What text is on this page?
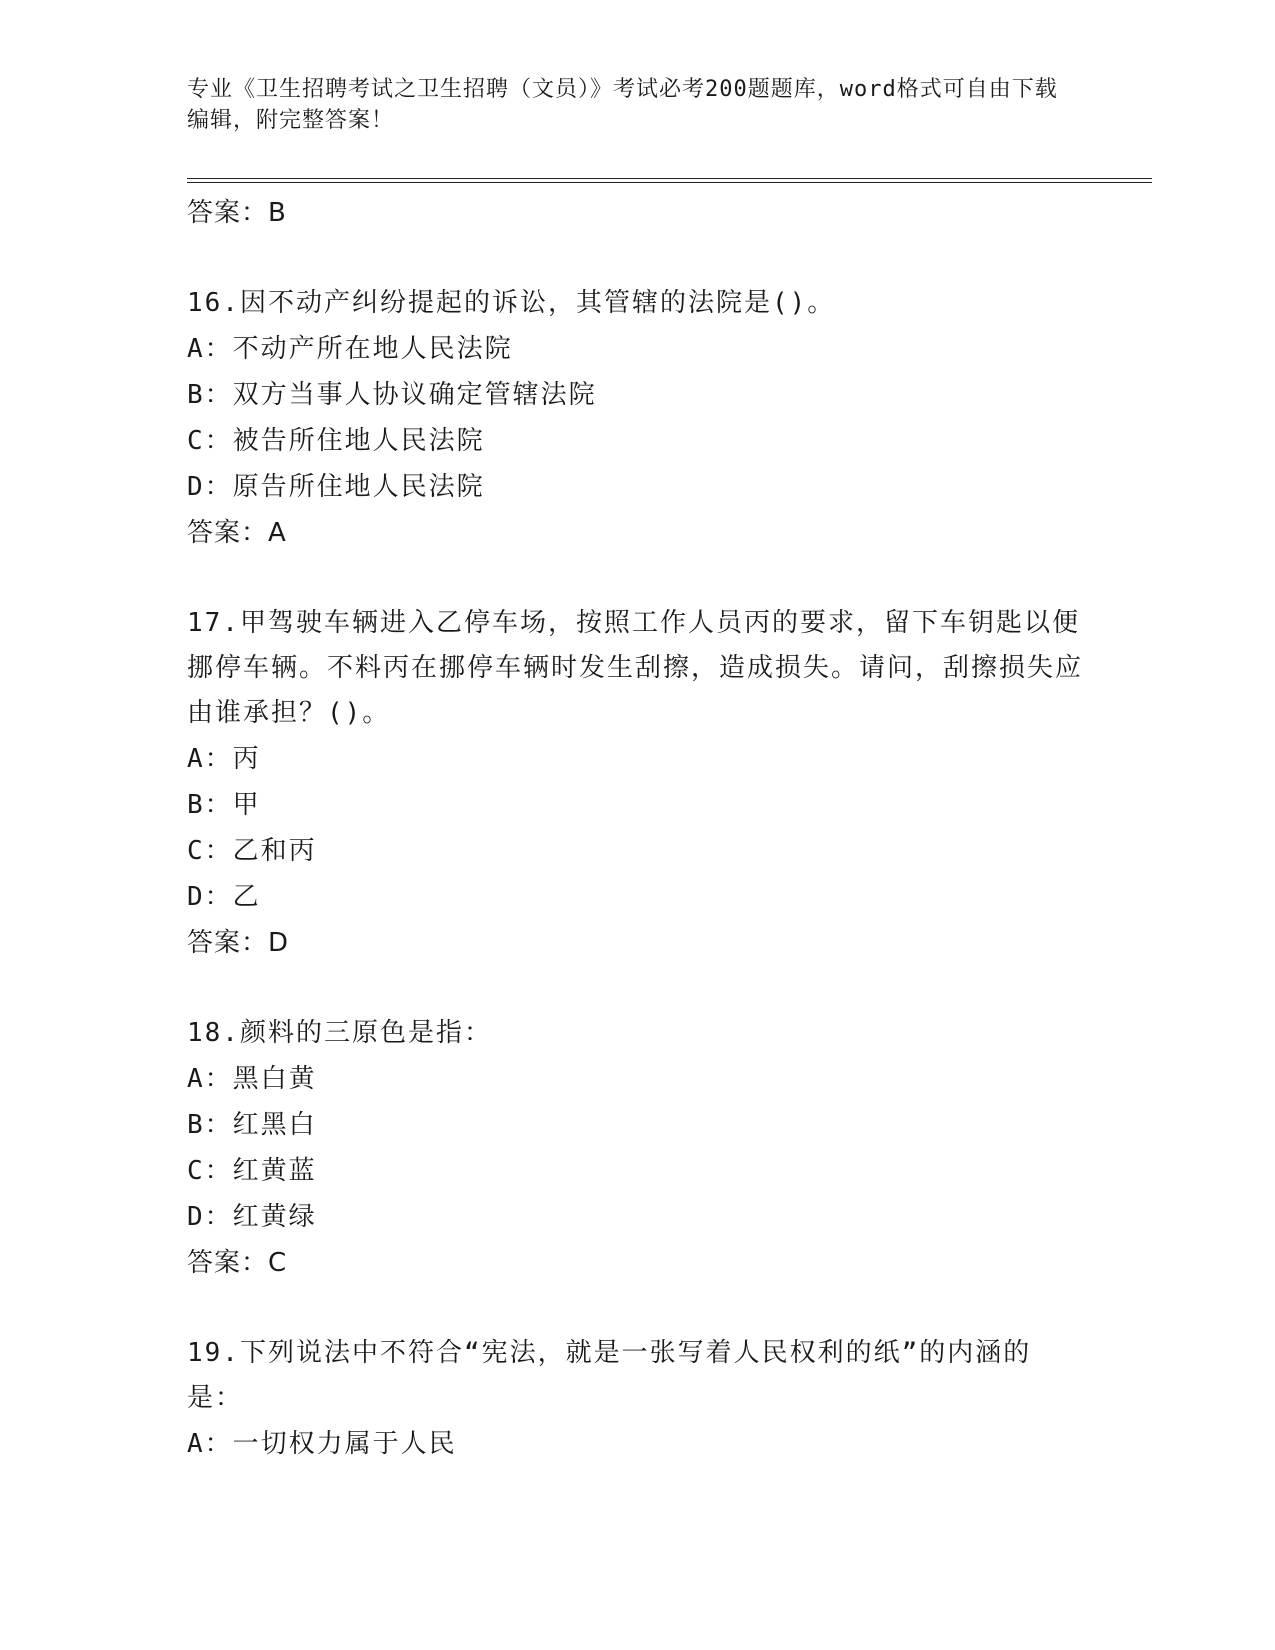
专业《卫生招聘考试之卫生招聘（文员）》考试必考200题题库，word格式可自由下载编辑，附完整答案！
答案：B
16.因不动产纠纷提起的诉讼，其管辖的法院是()。
A：不动产所在地人民法院
B：双方当事人协议确定管辖法院
C：被告所住地人民法院
D：原告所住地人民法院
答案：A
17.甲驾驶车辆进入乙停车场，按照工作人员丙的要求，留下车钥匙以便挪停车辆。不料丙在挪停车辆时发生刮擦，造成损失。请问，刮擦损失应由谁承担？()。
A：丙
B：甲
C：乙和丙
D：乙
答案：D
18.颜料的三原色是指：
A：黑白黄
B：红黑白
C：红黄蓝
D：红黄绿
答案：C
19.下列说法中不符合“宪法，就是一张写着人民权利的纸”的内涵的是：
A：一切权力属于人民
